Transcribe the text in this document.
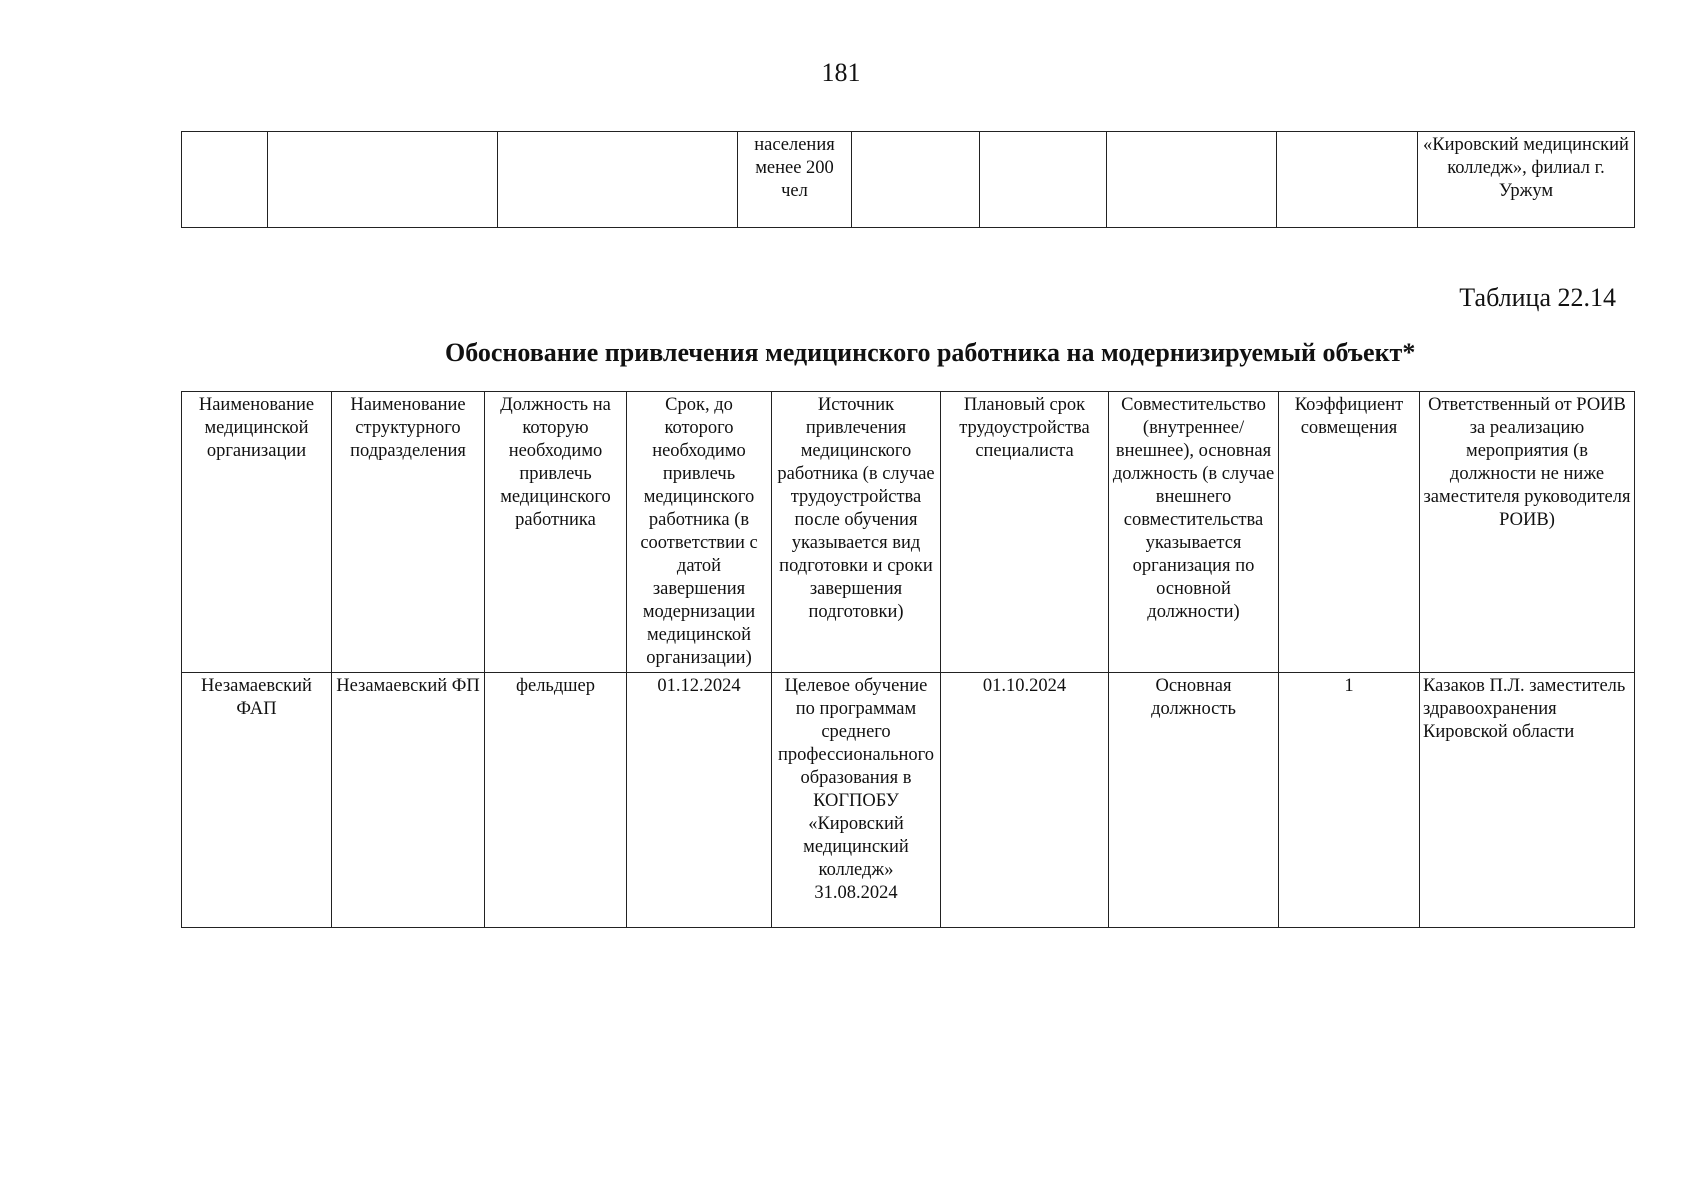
181
			населения менее 200 чел					«Кировский медицинский колледж», филиал г. Уржум
Таблица 22.14
Обоснование привлечения медицинского работника на модернизируемый объект*
Наименование медицинской организации	Наименование структурного подразделения	Должность на которую необходимо привлечь медицинского работника	Срок, до которого необходимо привлечь медицинского работника (в соответствии с датой завершения модернизации медицинской организации)	Источник привлечения медицинского работника (в случае трудоустройства после обучения указывается вид подготовки и сроки завершения подготовки)	Плановый срок трудоустройства специалиста	Совместительство (внутреннее/внешнее), основная должность (в случае внешнего совместительства указывается организация по основной должности)	Коэффициент совмещения	Ответственный от РОИВ за реализацию мероприятия (в должности не ниже заместителя руководителя РОИВ)
Незамаевский ФАП	Незамаевский ФП	фельдшер	01.12.2024	Целевое обучение по программам среднего профессионального образования в КОГПОБУ «Кировский медицинский колледж» 31.08.2024	01.10.2024	Основная должность	1	Казаков П.Л. заместитель здравоохранения Кировской области
